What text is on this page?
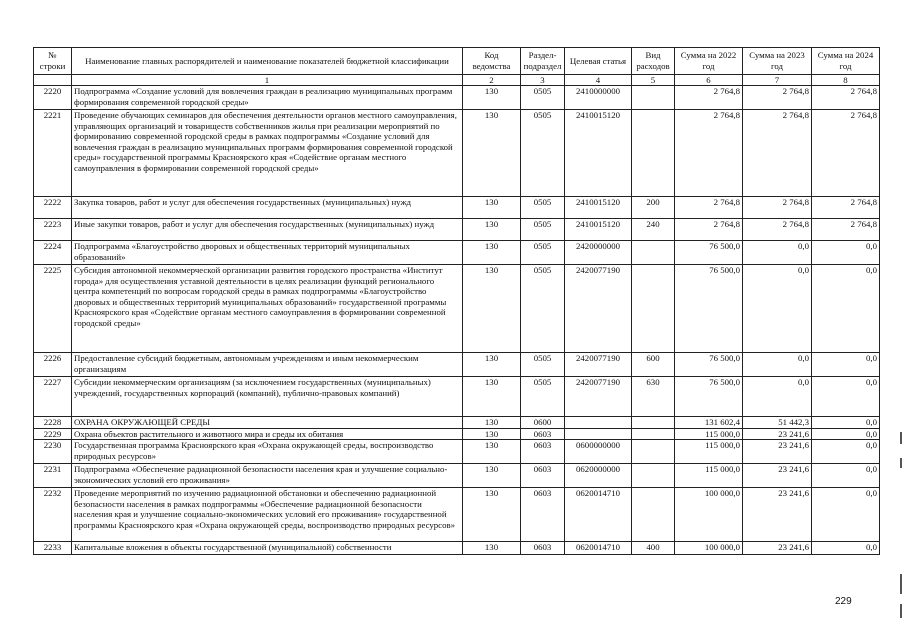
№ строки	Наименование главных распорядителей и наименование показателей бюджетной классификации	Код ведомства	Раздел-подраздел	Целевая статья	Вид расходов	Сумма на 2022 год	Сумма на 2023 год	Сумма на 2024 год
	1	2	3	4	5	6	7	8
2220	Подпрограмма «Создание условий для вовлечения граждан в реализацию муниципальных программ формирования современной городской среды»	130	0505	2410000000		2 764,8	2 764,8	2 764,8
2221	Проведение обучающих семинаров для обеспечения деятельности органов местного самоуправления, управляющих организаций и товариществ собственников жилья при реализации мероприятий по формированию современной городской среды в рамках подпрограммы «Создание условий для вовлечения граждан в реализацию муниципальных программ формирования современной городской среды» государственной программы Красноярского края «Содействие органам местного самоуправления в формировании современной городской среды»	130	0505	2410015120		2 764,8	2 764,8	2 764,8
2222	Закупка товаров, работ и услуг для обеспечения государственных (муниципальных) нужд	130	0505	2410015120	200	2 764,8	2 764,8	2 764,8
2223	Иные закупки товаров, работ и услуг для обеспечения государственных (муниципальных) нужд	130	0505	2410015120	240	2 764,8	2 764,8	2 764,8
2224	Подпрограмма «Благоустройство дворовых и общественных территорий муниципальных образований»	130	0505	2420000000		76 500,0	0,0	0,0
2225	Субсидия автономной некоммерческой организации развития городского пространства «Институт города» для осуществления уставной деятельности в целях реализации функций регионального центра компетенций по вопросам городской среды в рамках подпрограммы «Благоустройство дворовых и общественных территорий муниципальных образований» государственной программы Красноярского края «Содействие органам местного самоуправления в формировании современной городской среды»	130	0505	2420077190		76 500,0	0,0	0,0
2226	Предоставление субсидий бюджетным, автономным учреждениям и иным некоммерческим организациям	130	0505	2420077190	600	76 500,0	0,0	0,0
2227	Субсидии некоммерческим организациям (за исключением государственных (муниципальных) учреждений, государственных корпораций (компаний), публично-правовых компаний)	130	0505	2420077190	630	76 500,0	0,0	0,0
2228	ОХРАНА ОКРУЖАЮЩЕЙ СРЕДЫ	130	0600			131 602,4	51 442,3	0,0
2229	Охрана объектов растительного и животного мира и среды их обитания	130	0603			115 000,0	23 241,6	0,0
2230	Государственная программа Красноярского края «Охрана окружающей среды, воспроизводство природных ресурсов»	130	0603	0600000000		115 000,0	23 241,6	0,0
2231	Подпрограмма «Обеспечение радиационной безопасности населения края и улучшение социально-экономических условий его проживания»	130	0603	0620000000		115 000,0	23 241,6	0,0
2232	Проведение мероприятий по изучению радиационной обстановки и обеспечению радиационной безопасности населения в рамках подпрограммы «Обеспечение радиационной безопасности населения края и улучшение социально-экономических условий его проживания» государственной программы Красноярского края «Охрана окружающей среды, воспроизводство природных ресурсов»	130	0603	0620014710		100 000,0	23 241,6	0,0
2233	Капитальные вложения в объекты государственной (муниципальной) собственности	130	0603	0620014710	400	100 000,0	23 241,6	0,0
229
